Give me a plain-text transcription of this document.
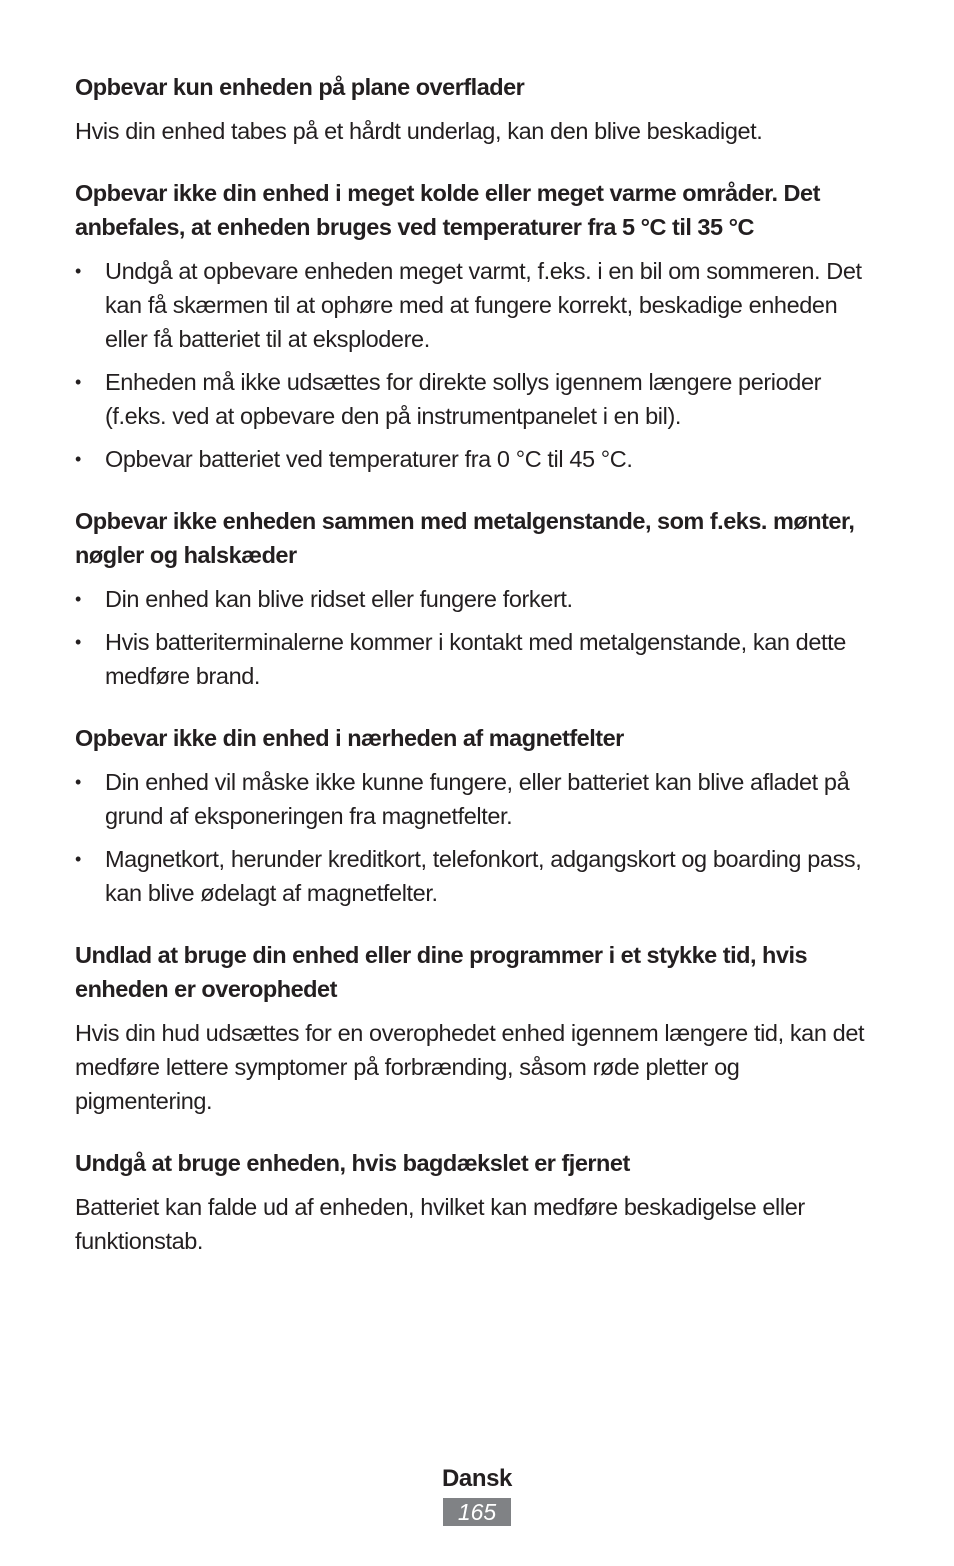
Opbevar kun enheden på plane overflader

Hvis din enhed tabes på et hårdt underlag, kan den blive beskadiget.

Opbevar ikke din enhed i meget kolde eller meget varme områder. Det anbefales, at enheden bruges ved temperaturer fra 5 °C til 35 °C
• Undgå at opbevare enheden meget varmt, f.eks. i en bil om sommeren. Det kan få skærmen til at ophøre med at fungere korrekt, beskadige enheden eller få batteriet til at eksplodere.
• Enheden må ikke udsættes for direkte sollys igennem længere perioder (f.eks. ved at opbevare den på instrumentpanelet i en bil).
• Opbevar batteriet ved temperaturer fra 0 °C til 45 °C.
Opbevar ikke enheden sammen med metalgenstande, som f.eks. mønter, nøgler og halskæder
• Din enhed kan blive ridset eller fungere forkert.
• Hvis batteriterminalerne kommer i kontakt med metalgenstande, kan dette medføre brand.
Opbevar ikke din enhed i nærheden af magnetfelter
• Din enhed vil måske ikke kunne fungere, eller batteriet kan blive afladet på grund af eksponeringen fra magnetfelter.
• Magnetkort, herunder kreditkort, telefonkort, adgangskort og boarding pass, kan blive ødelagt af magnetfelter.
Undlad at bruge din enhed eller dine programmer i et stykke tid, hvis enheden er overophedet

Hvis din hud udsættes for en overophedet enhed igennem længere tid, kan det medføre lettere symptomer på forbrænding, såsom røde pletter og pigmentering.

Undgå at bruge enheden, hvis bagdækslet er fjernet

Batteriet kan falde ud af enheden, hvilket kan medføre beskadigelse eller funktionstab.

Dansk
165
